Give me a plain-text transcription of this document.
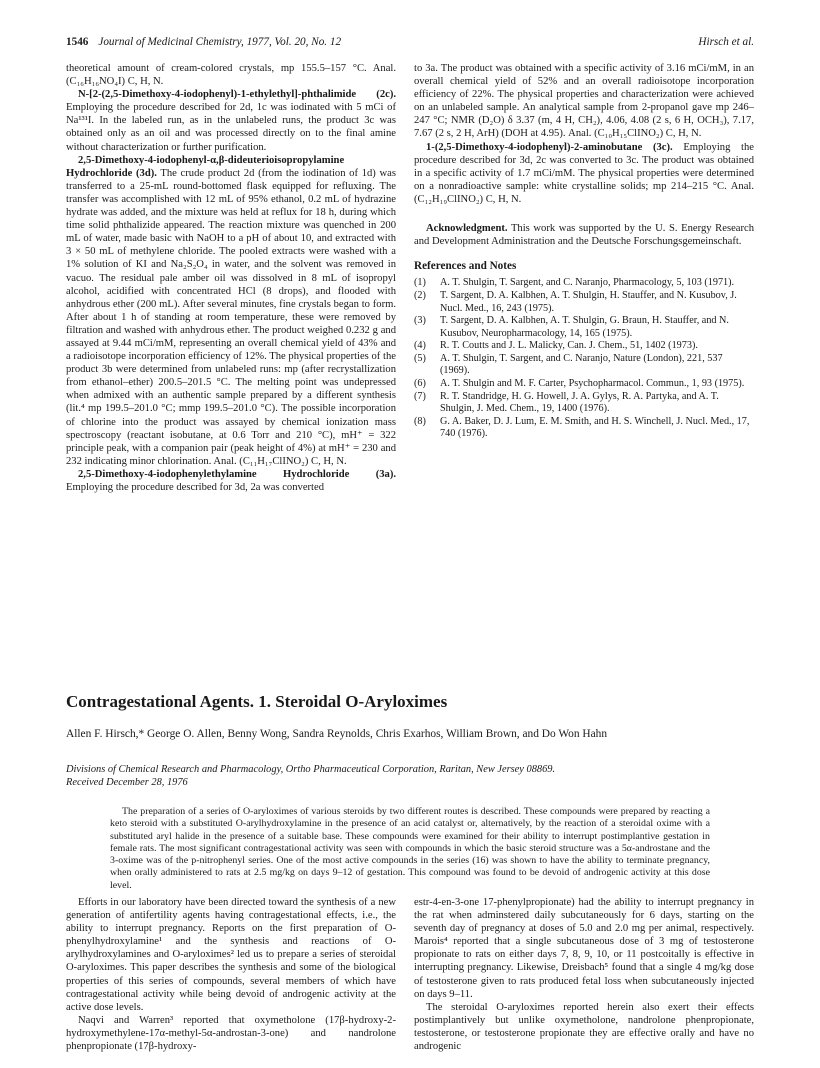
1546 Journal of Medicinal Chemistry, 1977, Vol. 20, No. 12	Hirsch et al.

theoretical amount of cream-colored crystals, mp 155.5–157 °C. Anal. (C₁₆H₁₆NO₄I) C, H, N.

N-[2-(2,5-Dimethoxy-4-iodophenyl)-1-ethylethyl]-phthalimide (2c). Employing the procedure described for 2d, 1c was iodinated with 5 mCi of Na¹³¹I. In the labeled run, as in the unlabeled runs, the product 3c was obtained only as an oil and was processed directly on to the final amine without characterization or further purification.

2,5-Dimethoxy-4-iodophenyl-α,β-dideuterioisopropylamine Hydrochloride (3d). The crude product 2d (from the iodination of 1d) was transferred to a 25-mL round-bottomed flask equipped for refluxing. The transfer was accomplished with 12 mL of 95% ethanol, 0.2 mL of hydrazine hydrate was added, and the mixture was held at reflux for 18 h, during which time solid phthalizide appeared. The reaction mixture was quenched in 200 mL of water, made basic with NaOH to a pH of about 10, and extracted with 3 × 50 mL of methylene chloride. The pooled extracts were washed with a 1% solution of KI and Na₂S₂O₄ in water, and the solvent was removed in vacuo. The residual pale amber oil was dissolved in 8 mL of isopropyl alcohol, acidified with concentrated HCl (8 drops), and flooded with anhydrous ether (200 mL). After several minutes, fine crystals began to form. After about 1 h of standing at room temperature, these were removed by filtration and washed with anhydrous ether. The product weighed 0.232 g and assayed at 9.44 mCi/mM, representing an overall chemical yield of 43% and a radioisotope incorporation efficiency of 12%. The physical properties of the product 3b were determined from unlabeled runs: mp (after recrystallization from ethanol–ether) 200.5–201.5 °C. The melting point was undepressed when admixed with an authentic sample prepared by a different synthesis (lit.⁴ mp 199.5–201.0 °C; mmp 199.5–201.0 °C). The possible incorporation of chlorine into the product was assayed by chemical ionization mass spectroscopy (reactant isobutane, at 0.6 Torr and 210 °C), mH⁺ = 322 principle peak, with a companion pair (peak height of 4%) at mH⁺ = 230 and 232 indicating minor chlorination. Anal. (C₁₁H₁₇ClINO₂) C, H, N.

2,5-Dimethoxy-4-iodophenylethylamine Hydrochloride (3a). Employing the procedure described for 3d, 2a was converted

to 3a. The product was obtained with a specific activity of 3.16 mCi/mM, in an overall chemical yield of 52% and an overall radioisotope incorporation efficiency of 22%. The physical properties and characterization were achieved on an unlabeled sample. An analytical sample from 2-propanol gave mp 246–247 °C; NMR (D₂O) δ 3.37 (m, 4 H, CH₂), 4.06, 4.08 (2 s, 6 H, OCH₃), 7.17, 7.67 (2 s, 2 H, ArH) (DOH at 4.95). Anal. (C₁₀H₁₅ClINO₂) C, H, N.

1-(2,5-Dimethoxy-4-iodophenyl)-2-aminobutane (3c). Employing the procedure described for 3d, 2c was converted to 3c. The product was obtained in a specific activity of 1.7 mCi/mM. The physical properties were determined on a nonradioactive sample: white crystalline solids; mp 214–215 °C. Anal. (C₁₂H₁₉ClINO₂) C, H, N.

Acknowledgment. This work was supported by the U. S. Energy Research and Development Administration and the Deutsche Forschungsgemeinschaft.

References and Notes
(1) A. T. Shulgin, T. Sargent, and C. Naranjo, Pharmacology, 5, 103 (1971).
(2) T. Sargent, D. A. Kalbhen, A. T. Shulgin, H. Stauffer, and N. Kusubov, J. Nucl. Med., 16, 243 (1975).
(3) T. Sargent, D. A. Kalbhen, A. T. Shulgin, G. Braun, H. Stauffer, and N. Kusubov, Neuropharmacology, 14, 165 (1975).
(4) R. T. Coutts and J. L. Malicky, Can. J. Chem., 51, 1402 (1973).
(5) A. T. Shulgin, T. Sargent, and C. Naranjo, Nature (London), 221, 537 (1969).
(6) A. T. Shulgin and M. F. Carter, Psychopharmacol. Commun., 1, 93 (1975).
(7) R. T. Standridge, H. G. Howell, J. A. Gylys, R. A. Partyka, and A. T. Shulgin, J. Med. Chem., 19, 1400 (1976).
(8) G. A. Baker, D. J. Lum, E. M. Smith, and H. S. Winchell, J. Nucl. Med., 17, 740 (1976).
Contragestational Agents. 1. Steroidal O-Aryloximes
Allen F. Hirsch,* George O. Allen, Benny Wong, Sandra Reynolds, Chris Exarhos, William Brown, and Do Won Hahn
Divisions of Chemical Research and Pharmacology, Ortho Pharmaceutical Corporation, Raritan, New Jersey 08869.
Received December 28, 1976

The preparation of a series of O-aryloximes of various steroids by two different routes is described. These compounds were prepared by reacting a keto steroid with a substituted O-arylhydroxylamine in the presence of an acid catalyst or, alternatively, by the reaction of a steroidal oxime with a substituted aryl halide in the presence of a suitable base. These compounds were examined for their ability to interrupt postimplantive gestation in female rats. The most significant contragestational activity was seen with compounds in which the basic steroid structure was a 5α-androstane and the 3-oxime was of the p-nitrophenyl series. One of the most active compounds in the series (16) was shown to have the ability to terminate pregnancy, when orally administered to rats at 2.5 mg/kg on days 9–12 of gestation. This compound was found to be devoid of androgenic activity at this dose level.

Efforts in our laboratory have been directed toward the synthesis of a new generation of antifertility agents having contragestational effects, i.e., the ability to interrupt pregnancy. Reports on the first preparation of O-phenylhydroxylamine¹ and the synthesis and reactions of O-arylhydroxylamines and O-aryloximes² led us to prepare a series of steroidal O-aryloximes. This paper describes the synthesis and some of the biological properties of this series of compounds, several members of which have contragestational activity while being devoid of androgenic activity at the active dose levels.

Naqvi and Warren³ reported that oxymetholone (17β-hydroxy-2-hydroxymethylene-17α-methyl-5α-androstan-3-one) and nandrolone phenpropionate (17β-hydroxy-

estr-4-en-3-one 17-phenylpropionate) had the ability to interrupt pregnancy in the rat when adminstered daily subcutaneously for 6 days, starting on the seventh day of pregnancy at doses of 5.0 and 2.0 mg per animal, respectively. Marois⁴ reported that a single subcutaneous dose of 3 mg of testosterone propionate to rats on either days 7, 8, 9, 10, or 11 postcoitally is effective in interrupting pregnancy. Likewise, Dreisbach⁵ found that a single 4 mg/kg dose of testosterone given to rats produced fetal loss when subcutaneously injected on days 9–11.

The steroidal O-aryloximes reported herein also exert their effects postimplantively but unlike oxymetholone, nandrolone phenpropionate, testosterone, or testosterone propionate they are effective orally and have no androgenic
